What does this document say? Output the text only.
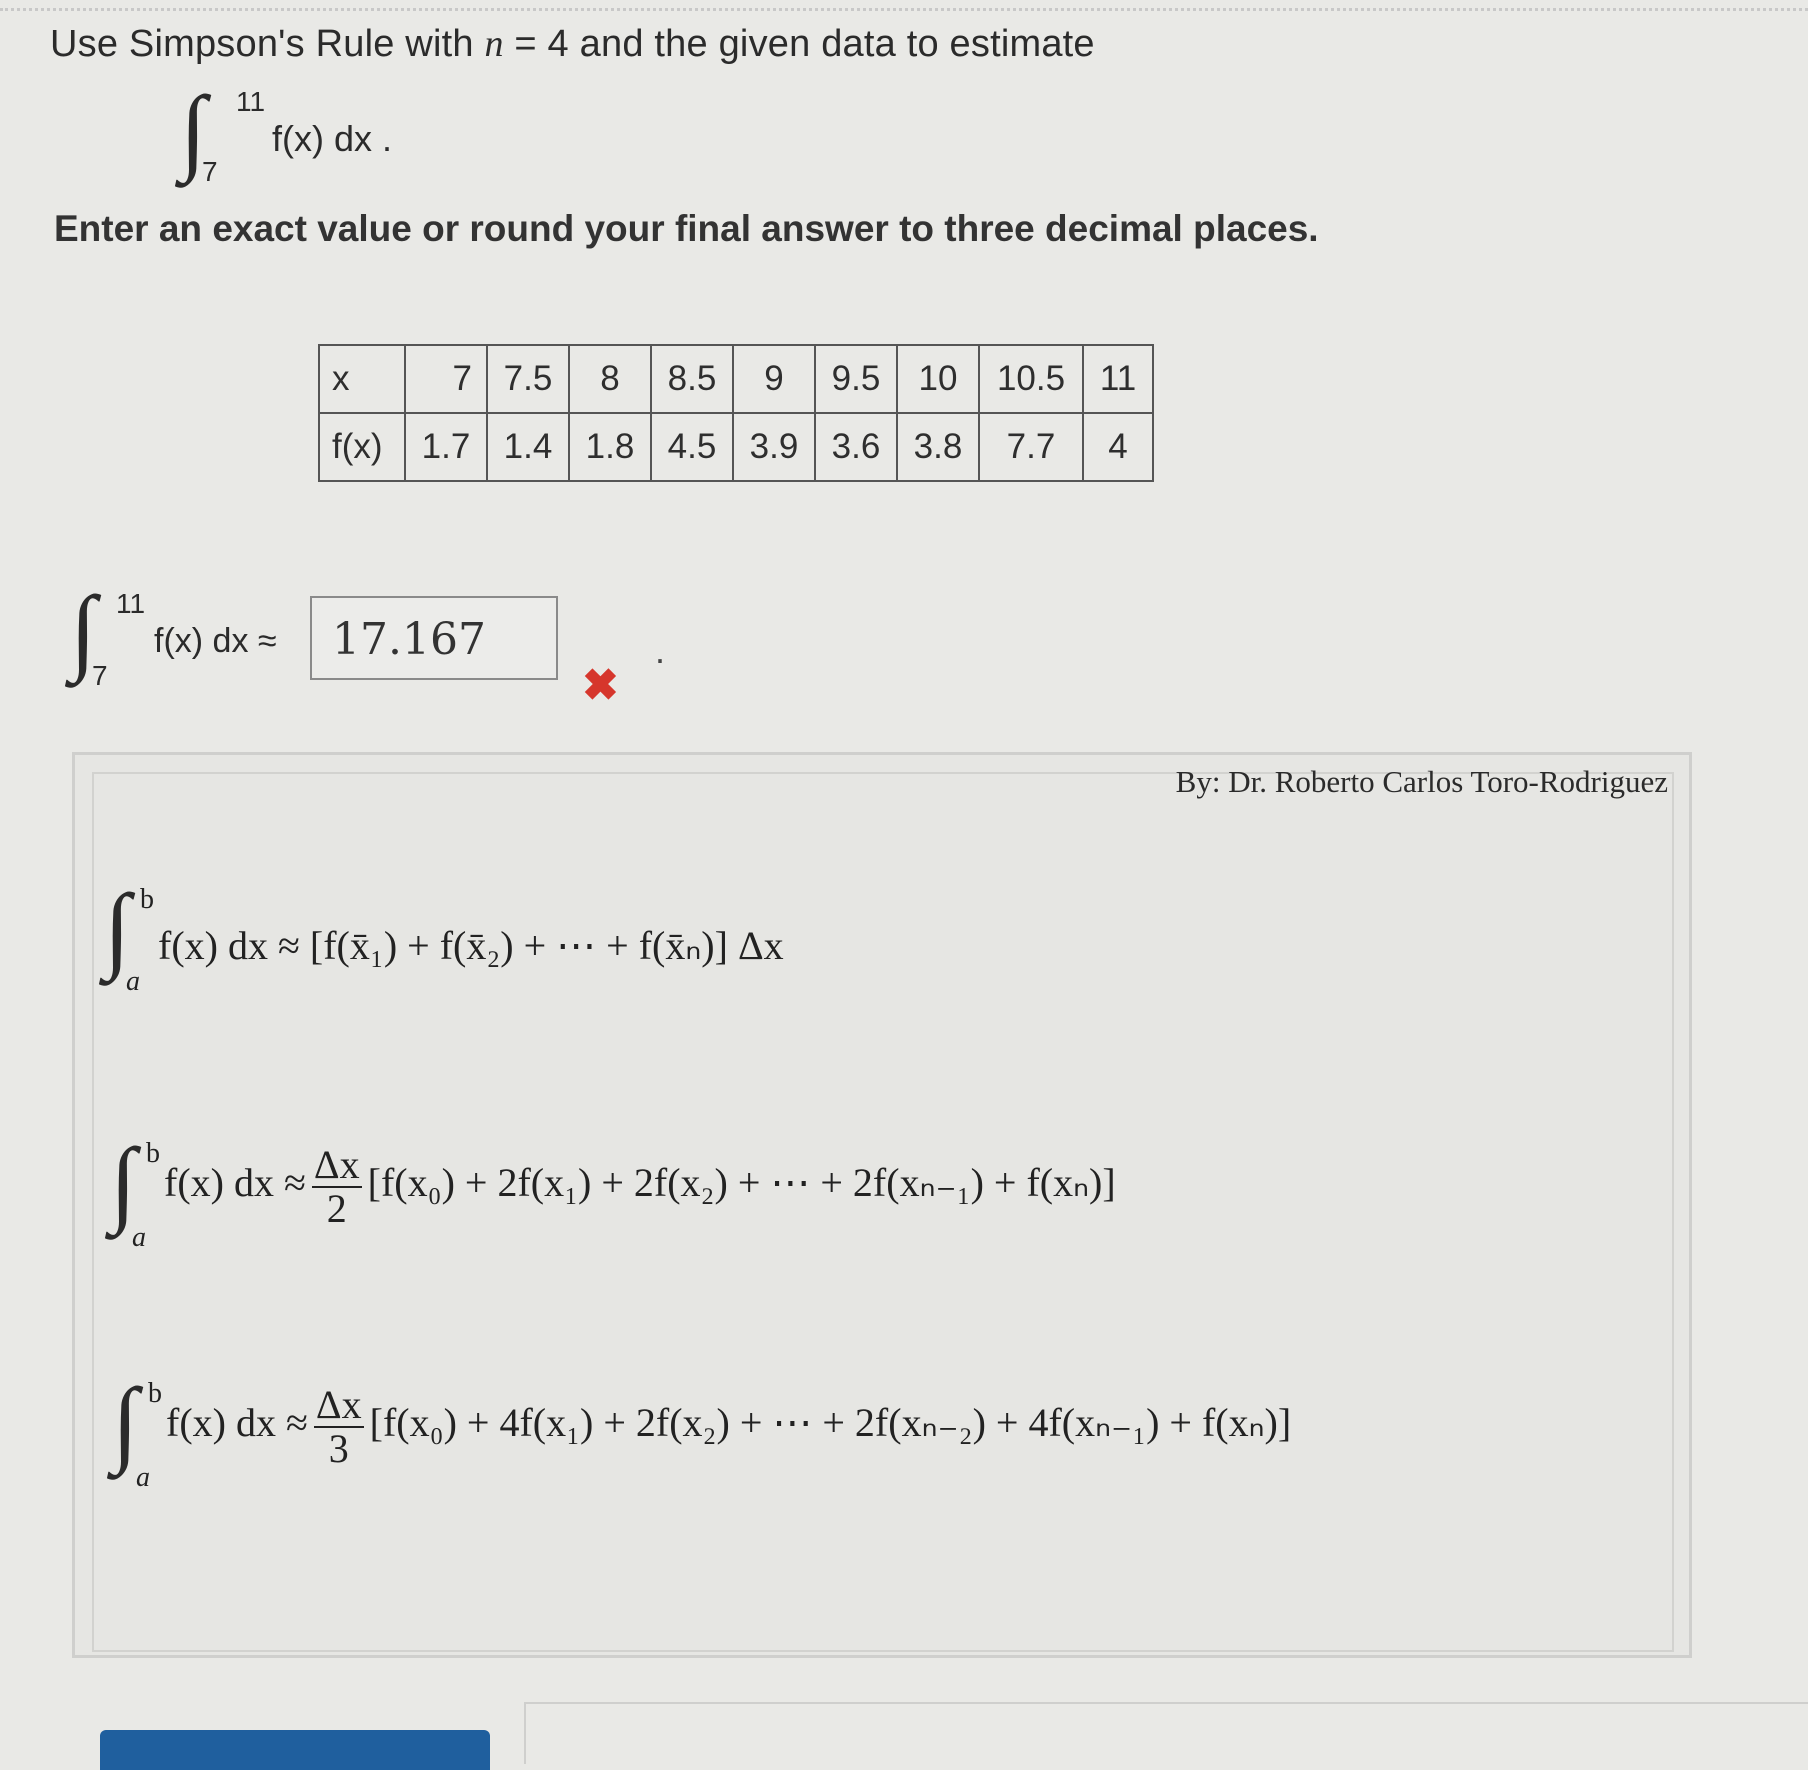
Use Simpson's Rule with n = 4 and the given data to estimate
∫ 11
7
f(x) dx .
Enter an exact value or round your final answer to three decimal places.
x	7	7.5	8	8.5	9	9.5	10	10.5	11
f(x)	1.7	1.4	1.8	4.5	3.9	3.6	3.8	7.7	4
∫ 11
7
f(x) dx ≈	17.167
✖
.
By: Dr. Roberto Carlos Toro-Rodriguez
∫ b
a
f(x) dx ≈ [f(x̄₁) + f(x̄₂) + ⋯ + f(x̄ₙ)] Δx
∫ b
a
f(x) dx ≈ $\frac{\Delta x}{2} [f(x_0) + 2f(x_1) + 2f(x_2)$ + ⋯ + 2f(xₙ₋₁) + f(xₙ)]
∫ b
a
f(x) dx ≈ $\frac{\Delta x}{3} [f(x_0) + 4f(x_1) + 2f(x_2)$ + ⋯ + 2f(xₙ₋₂) + 4f(xₙ₋₁) + f(xₙ)]
